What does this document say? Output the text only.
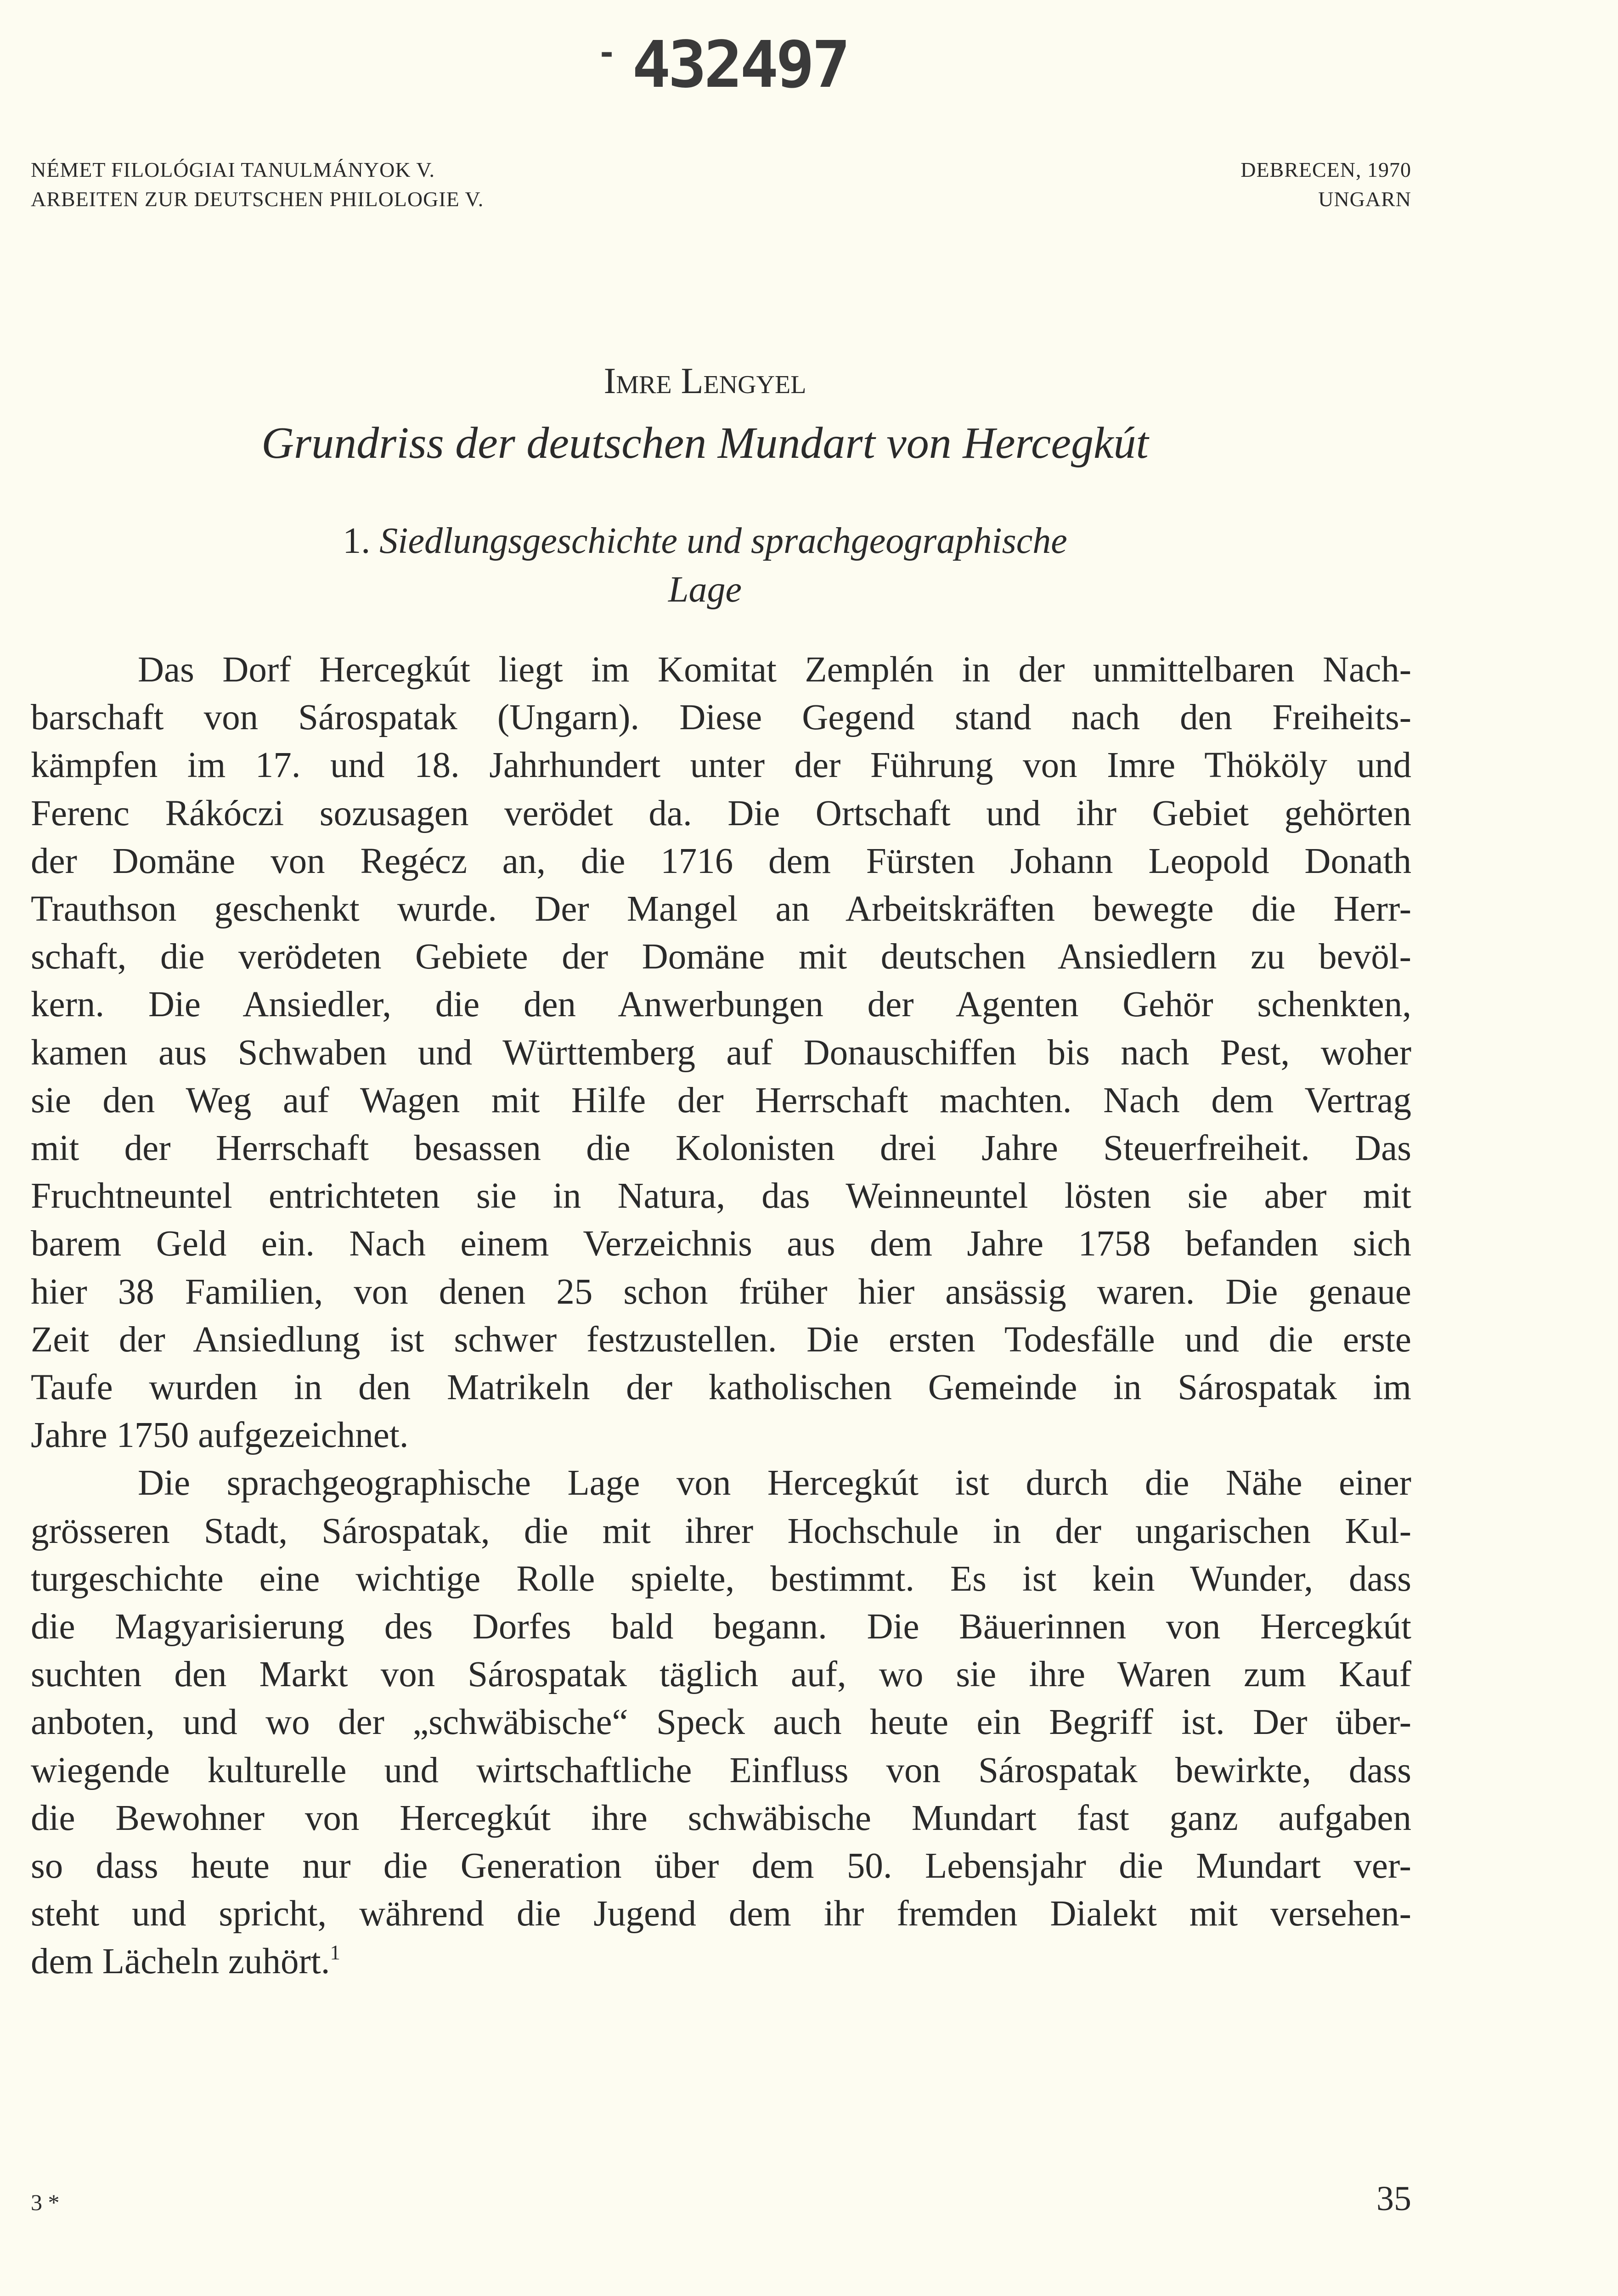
- 432497
NÉMET FILOLÓGIAI TANULMÁNYOK V.
ARBEITEN ZUR DEUTSCHEN PHILOLOGIE V.
DEBRECEN, 1970
UNGARN
Imre Lengyel
Grundriss der deutschen Mundart von Hercegkút
1. Siedlungsgeschichte und sprachgeographische
Lage
Das Dorf Hercegkút liegt im Komitat Zemplén in der unmittelbaren Nach-
barschaft von Sárospatak (Ungarn). Diese Gegend stand nach den Freiheits-
kämpfen im 17. und 18. Jahrhundert unter der Führung von Imre Thököly und
Ferenc Rákóczi sozusagen verödet da. Die Ortschaft und ihr Gebiet gehörten
der Domäne von Regécz an, die 1716 dem Fürsten Johann Leopold Donath
Trauthson geschenkt wurde. Der Mangel an Arbeitskräften bewegte die Herr-
schaft, die verödeten Gebiete der Domäne mit deutschen Ansiedlern zu bevöl-
kern. Die Ansiedler, die den Anwerbungen der Agenten Gehör schenkten,
kamen aus Schwaben und Württemberg auf Donauschiffen bis nach Pest, woher
sie den Weg auf Wagen mit Hilfe der Herrschaft machten. Nach dem Vertrag
mit der Herrschaft besassen die Kolonisten drei Jahre Steuerfreiheit. Das
Fruchtneuntel entrichteten sie in Natura, das Weinneuntel lösten sie aber mit
barem Geld ein. Nach einem Verzeichnis aus dem Jahre 1758 befanden sich
hier 38 Familien, von denen 25 schon früher hier ansässig waren. Die genaue
Zeit der Ansiedlung ist schwer festzustellen. Die ersten Todesfälle und die erste
Taufe wurden in den Matrikeln der katholischen Gemeinde in Sárospatak im
Jahre 1750 aufgezeichnet.
Die sprachgeographische Lage von Hercegkút ist durch die Nähe einer
grösseren Stadt, Sárospatak, die mit ihrer Hochschule in der ungarischen Kul-
turgeschichte eine wichtige Rolle spielte, bestimmt. Es ist kein Wunder, dass
die Magyarisierung des Dorfes bald begann. Die Bäuerinnen von Hercegkút
suchten den Markt von Sárospatak täglich auf, wo sie ihre Waren zum Kauf
anboten, und wo der „schwäbische“ Speck auch heute ein Begriff ist. Der über-
wiegende kulturelle und wirtschaftliche Einfluss von Sárospatak bewirkte, dass
die Bewohner von Hercegkút ihre schwäbische Mundart fast ganz aufgaben
so dass heute nur die Generation über dem 50. Lebensjahr die Mundart ver-
steht und spricht, während die Jugend dem ihr fremden Dialekt mit versehen-
dem Lächeln zuhört.$^1$
3 *	35
